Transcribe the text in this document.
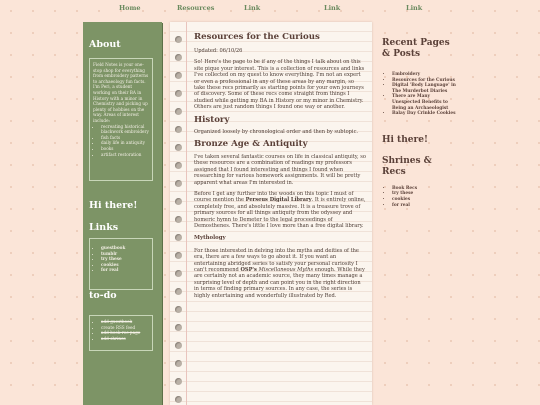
Home	Resources	Link	Link	Link
About
Field Notes is your one-stop shop for everything from embroidery patterns to archaeology fun facts. I'm Peri, a student working on their BA in History with a minor in Chemistry and picking up plenty of hobbies on the way. Areas of interest include:
• recreating historical blackwork embroidery
• fish facts
• daily life in antiquity
• books
• artifact restoration
Hi there!
Links
• guestbook
• tumblr
• try these
• cookies
• for real
to-do
• add guestbook
• create RSS feed
• add book rec page
• add shrines
Resources for the Curious

Updated: 06/10/26

So! Here's the page to be if any of the things I talk about on this site pique your interest. This is a collection of resources and links I've collected on my quest to know everything. I'm not an expert or even a professional in any of these areas by any margin, so take these recs primarily as starting points for your own journeys of discovery. Some of these recs come straight from things I studied while getting my BA in History or my minor in Chemistry. Others are just random things I found one way or another.

History

Organized loosely by chronological order and then by subtopic.

Bronze Age & Antiquity

I've taken several fantastic courses on life in classical antiquity, so these resources are a combination of readings my professors assigned that I found interesting and things I found when researching for various homework assignments. It will be pretty apparent what areas I'm interested in.

Before I get any further into the woods on this topic I must of course mention the Perseus Digital Library. It is entirely online, completely free, and absolutely massive. It is a treasure trove of primary sources for all things antiquity from the odyssey and homeric hymn to Demeter to the legal proceedings of Demosthenes. There's little I love more than a free digital library.

Mythology

For those interested in delving into the myths and deities of the era, there are a few ways to go about it. If you want an entertaining abridged series to satisfy your personal curiosity I can't recommend OSP's Miscellaneous Myths enough. While they are certainly not an academic source, they many times manage a surprising level of depth and can point you in the right direction in terms of finding primary sources. In any case, the series is highly entertaining and wonderfully illustrated by Red.

Recent Pages & Posts
• Embroidery
• Resources for the Curious
• Digital 'Body Language' in The Murderbot Diaries
• There are Many Unexpected Benefits to Being an Archaeologist
• Balay Day Crinkle Cookies
Hi there!
Shrines & Recs
• Book Recs
• try these
• cookies
• for real
